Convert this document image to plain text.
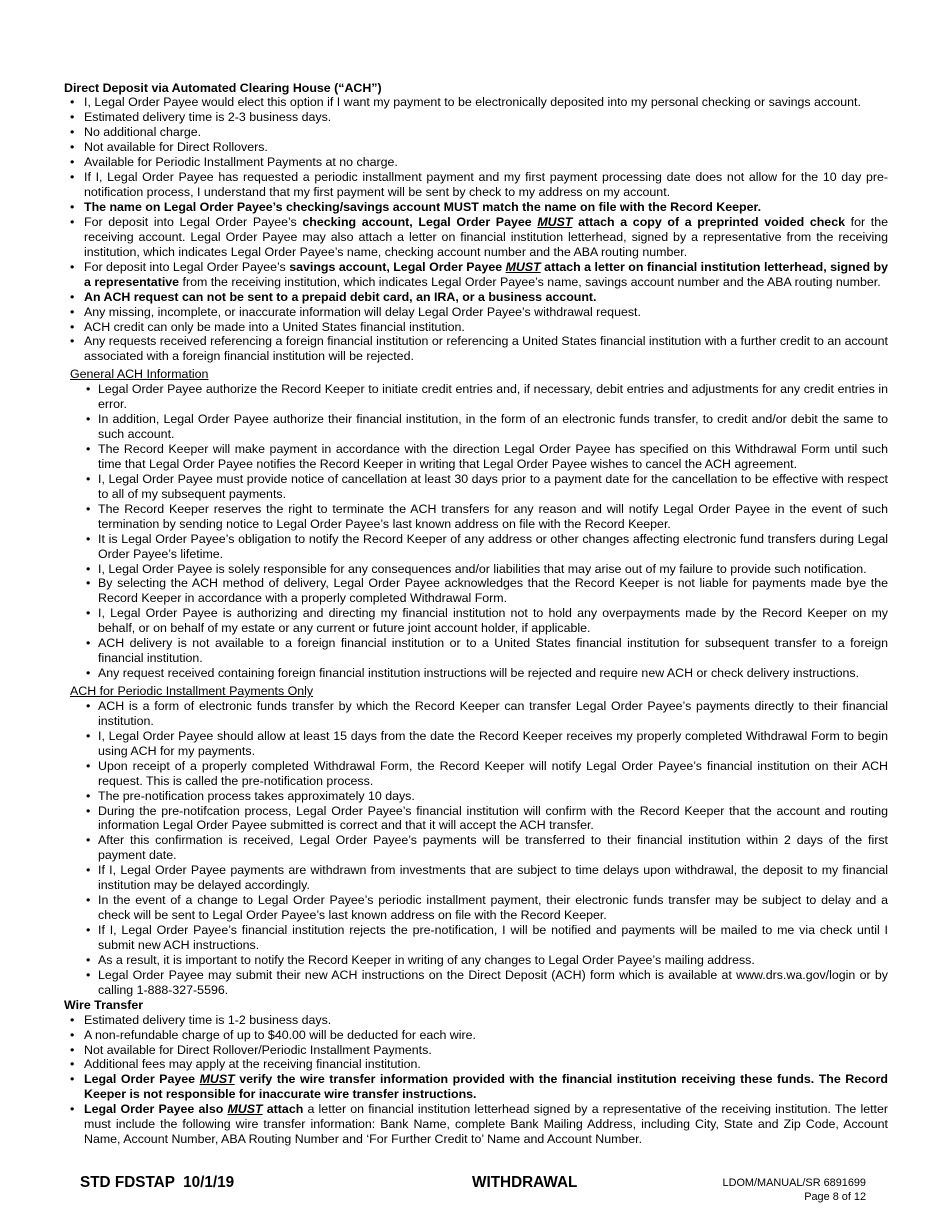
Direct Deposit via Automated Clearing House (“ACH”)
• I, Legal Order Payee would elect this option if I want my payment to be electronically deposited into my personal checking or savings account.
• Estimated delivery time is 2-3 business days.
• No additional charge.
• Not available for Direct Rollovers.
• Available for Periodic Installment Payments at no charge.
• If I, Legal Order Payee has requested a periodic installment payment and my first payment processing date does not allow for the 10 day pre-notification process, I understand that my first payment will be sent by check to my address on my account.
• The name on Legal Order Payee’s checking/savings account MUST match the name on file with the Record Keeper.
• For deposit into Legal Order Payee’s checking account, Legal Order Payee MUST attach a copy of a preprinted voided check for the receiving account. Legal Order Payee may also attach a letter on financial institution letterhead, signed by a representative from the receiving institution, which indicates Legal Order Payee’s name, checking account number and the ABA routing number.
• For deposit into Legal Order Payee’s savings account, Legal Order Payee MUST attach a letter on financial institution letterhead, signed by a representative from the receiving institution, which indicates Legal Order Payee’s name, savings account number and the ABA routing number.
• An ACH request can not be sent to a prepaid debit card, an IRA, or a business account.
• Any missing, incomplete, or inaccurate information will delay Legal Order Payee’s withdrawal request.
• ACH credit can only be made into a United States financial institution.
• Any requests received referencing a foreign financial institution or referencing a United States financial institution with a further credit to an account associated with a foreign financial institution will be rejected.
General ACH Information
• Legal Order Payee authorize the Record Keeper to initiate credit entries and, if necessary, debit entries and adjustments for any credit entries in error.
• In addition, Legal Order Payee authorize their financial institution, in the form of an electronic funds transfer, to credit and/or debit the same to such account.
• The Record Keeper will make payment in accordance with the direction Legal Order Payee has specified on this Withdrawal Form until such time that Legal Order Payee notifies the Record Keeper in writing that Legal Order Payee wishes to cancel the ACH agreement.
• I, Legal Order Payee must provide notice of cancellation at least 30 days prior to a payment date for the cancellation to be effective with respect to all of my subsequent payments.
• The Record Keeper reserves the right to terminate the ACH transfers for any reason and will notify Legal Order Payee in the event of such termination by sending notice to Legal Order Payee’s last known address on file with the Record Keeper.
• It is Legal Order Payee’s obligation to notify the Record Keeper of any address or other changes affecting electronic fund transfers during Legal Order Payee’s lifetime.
• I, Legal Order Payee is solely responsible for any consequences and/or liabilities that may arise out of my failure to provide such notification.
• By selecting the ACH method of delivery, Legal Order Payee acknowledges that the Record Keeper is not liable for payments made bye the Record Keeper in accordance with a properly completed Withdrawal Form.
• I, Legal Order Payee is authorizing and directing my financial institution not to hold any overpayments made by the Record Keeper on my behalf, or on behalf of my estate or any current or future joint account holder, if applicable.
• ACH delivery is not available to a foreign financial institution or to a United States financial institution for subsequent transfer to a foreign financial institution.
• Any request received containing foreign financial institution instructions will be rejected and require new ACH or check delivery instructions.
ACH for Periodic Installment Payments Only
• ACH is a form of electronic funds transfer by which the Record Keeper can transfer Legal Order Payee’s payments directly to their financial institution.
• I, Legal Order Payee should allow at least 15 days from the date the Record Keeper receives my properly completed Withdrawal Form to begin using ACH for my payments.
• Upon receipt of a properly completed Withdrawal Form, the Record Keeper will notify Legal Order Payee’s financial institution on their ACH request. This is called the pre-notification process.
• The pre-notification process takes approximately 10 days.
• During the pre-notifcation process, Legal Order Payee’s financial institution will confirm with the Record Keeper that the account and routing information Legal Order Payee submitted is correct and that it will accept the ACH transfer.
• After this confirmation is received, Legal Order Payee’s payments will be transferred to their financial institution within 2 days of the first payment date.
• If I, Legal Order Payee payments are withdrawn from investments that are subject to time delays upon withdrawal, the deposit to my financial institution may be delayed accordingly.
• In the event of a change to Legal Order Payee’s periodic installment payment, their electronic funds transfer may be subject to delay and a check will be sent to Legal Order Payee’s last known address on file with the Record Keeper.
• If I, Legal Order Payee’s financial institution rejects the pre-notification, I will be notified and payments will be mailed to me via check until I submit new ACH instructions.
• As a result, it is important to notify the Record Keeper in writing of any changes to Legal Order Payee’s mailing address.
• Legal Order Payee may submit their new ACH instructions on the Direct Deposit (ACH) form which is available at www.drs.wa.gov/login or by calling 1-888-327-5596.
Wire Transfer
• Estimated delivery time is 1-2 business days.
• A non-refundable charge of up to $40.00 will be deducted for each wire.
• Not available for Direct Rollover/Periodic Installment Payments.
• Additional fees may apply at the receiving financial institution.
• Legal Order Payee MUST verify the wire transfer information provided with the financial institution receiving these funds. The Record Keeper is not responsible for inaccurate wire transfer instructions.
• Legal Order Payee also MUST attach a letter on financial institution letterhead signed by a representative of the receiving institution. The letter must include the following wire transfer information: Bank Name, complete Bank Mailing Address, including City, State and Zip Code, Account Name, Account Number, ABA Routing Number and ‘For Further Credit to’ Name and Account Number.
STD FDSTAP  10/1/19	WITHDRAWAL	LDOM/MANUAL/SR 6891699
Page 8 of 12
